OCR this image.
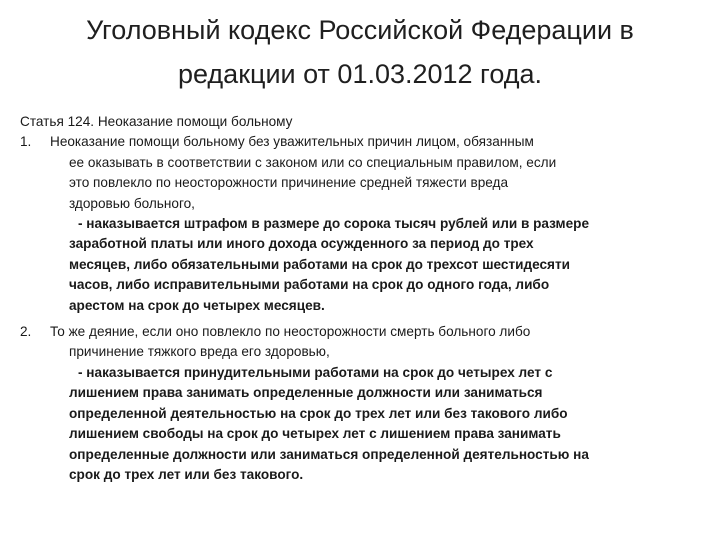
Уголовный кодекс Российской Федерации в
редакции от 01.03.2012 года.
Статья 124. Неоказание помощи больному
1. Неоказание помощи больному без уважительных причин лицом, обязанным
ее оказывать в соответствии с законом или со специальным правилом, если
это повлекло по неосторожности причинение средней тяжести вреда
здоровью больного,
- наказывается штрафом в размере до сорока тысяч рублей или в размере
заработной платы или иного дохода осужденного за период до трех
месяцев, либо обязательными работами на срок до трехсот шестидесяти
часов, либо исправительными работами на срок до одного года, либо
арестом на срок до четырех месяцев.
2. То же деяние, если оно повлекло по неосторожности смерть больного либо
причинение тяжкого вреда его здоровью,
- наказывается принудительными работами на срок до четырех лет с
лишением права занимать определенные должности или заниматься
определенной деятельностью на срок до трех лет или без такового либо
лишением свободы на срок до четырех лет с лишением права занимать
определенные должности или заниматься определенной деятельностью на
срок до трех лет или без такового.
